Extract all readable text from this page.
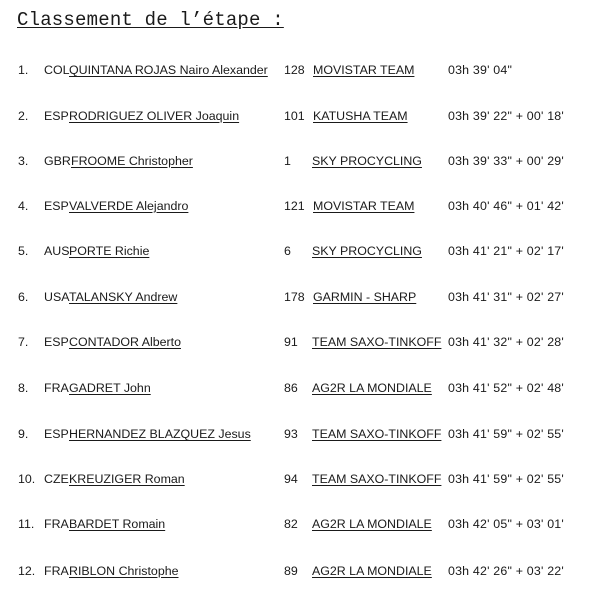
Classement de l’étape :
1. COL QUINTANA ROJAS Nairo Alexander 128 MOVISTAR TEAM	03h 39' 04"
2. ESP RODRIGUEZ OLIVER Joaquin	101 KATUSHA TEAM	03h 39' 22" + 00' 18'
3. GBR FROOME Christopher	1 SKY PROCYCLING 03h 39' 33" + 00' 29'
4. ESP VALVERDE Alejandro	121 MOVISTAR TEAM	03h 40' 46" + 01' 42'
5. AUS PORTE Richie	6 SKY PROCYCLING 03h 41' 21" + 02' 17'
6. USA TALANSKY Andrew	178 GARMIN - SHARP	03h 41' 31" + 02' 27'
7. ESP CONTADOR Alberto	91 TEAM SAXO-TINKOFF 03h 41' 32" + 02' 28'
8. FRA GADRET John	86 AG2R LA MONDIALE 03h 41' 52" + 02' 48'
9. ESP HERNANDEZ BLAZQUEZ Jesus	93 TEAM SAXO-TINKOFF 03h 41' 59" + 02' 55'
10. CZE KREUZIGER Roman	94 TEAM SAXO-TINKOFF 03h 41' 59" + 02' 55'
11. FRA BARDET Romain	82 AG2R LA MONDIALE 03h 42' 05" + 03' 01'
12. FRA RIBLON Christophe	89 AG2R LA MONDIALE 03h 42' 26" + 03' 22'
